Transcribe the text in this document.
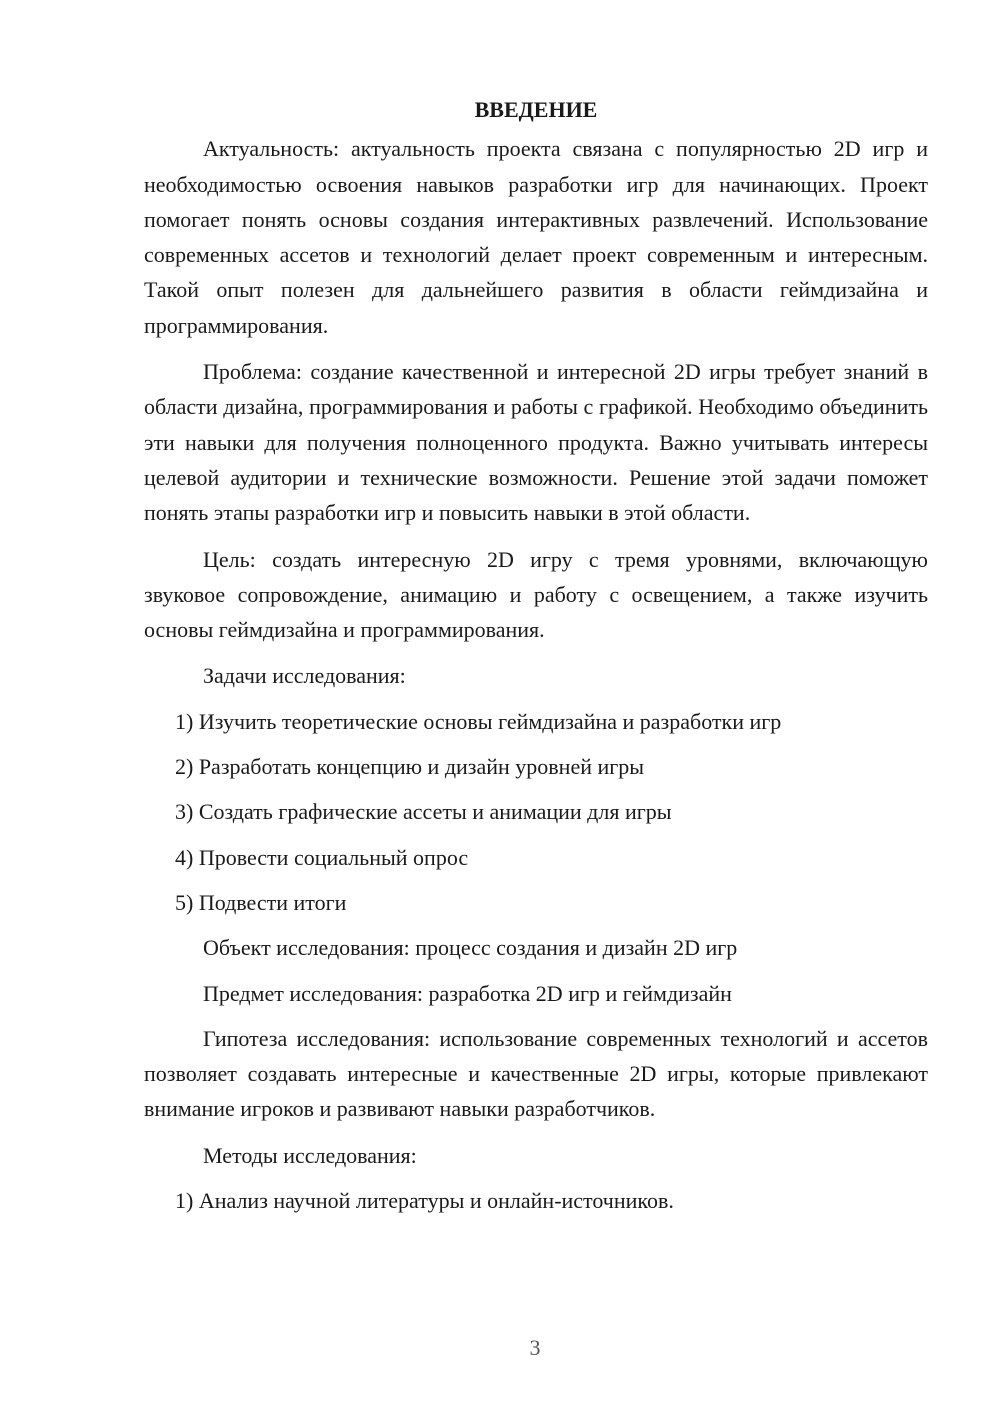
ВВЕДЕНИЕ

Актуальность: актуальность проекта связана с популярностью 2D игр и необходимостью освоения навыков разработки игр для начинающих. Проект помогает понять основы создания интерактивных развлечений. Использование современных ассетов и технологий делает проект современным и интересным. Такой опыт полезен для дальнейшего развития в области геймдизайна и программирования.

Проблема: создание качественной и интересной 2D игры требует знаний в области дизайна, программирования и работы с графикой. Необходимо объединить эти навыки для получения полноценного продукта. Важно учитывать интересы целевой аудитории и технические возможности. Решение этой задачи поможет понять этапы разработки игр и повысить навыки в этой области.

Цель: создать интересную 2D игру с тремя уровнями, включающую звуковое сопровождение, анимацию и работу с освещением, а также изучить основы геймдизайна и программирования.

Задачи исследования:

1) Изучить теоретические основы геймдизайна и разработки игр

2) Разработать концепцию и дизайн уровней игры

3) Создать графические ассеты и анимации для игры

4) Провести социальный опрос

5) Подвести итоги

Объект исследования: процесс создания и дизайн 2D игр

Предмет исследования: разработка 2D игр и геймдизайн

Гипотеза исследования: использование современных технологий и ассетов позволяет создавать интересные и качественные 2D игры, которые привлекают внимание игроков и развивают навыки разработчиков.

Методы исследования:

1) Анализ научной литературы и онлайн-источников.

3
